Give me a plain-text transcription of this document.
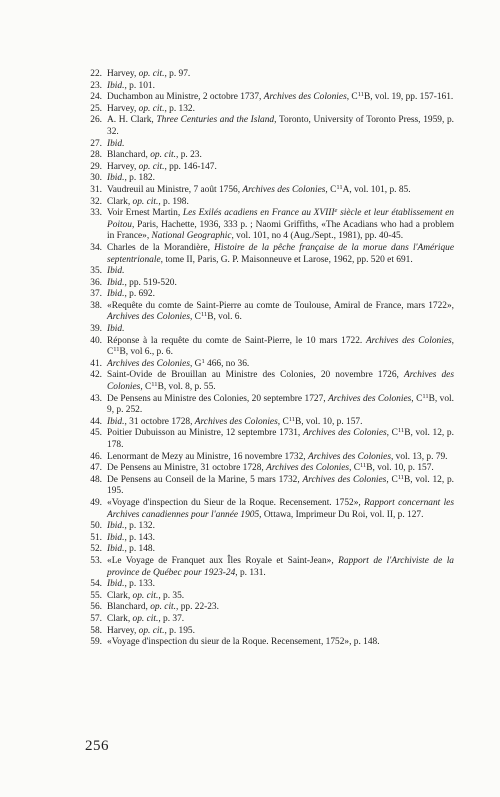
22. Harvey, op. cit., p. 97.
23. Ibid., p. 101.
24. Duchambon au Ministre, 2 octobre 1737, Archives des Colonies, $C^{11}B$, vol. 19, pp. 157-161.
25. Harvey, op. cit., p. 132.
26. A. H. Clark, Three Centuries and the Island, Toronto, University of Toronto Press, 1959, p. 32.
27. Ibid.
28. Blanchard, op. cit., p. 23.
29. Harvey, op. cit., pp. 146-147.
30. Ibid., p. 182.
31. Vaudreuil au Ministre, 7 août 1756, Archives des Colonies, $C^{11}A$, vol. 101, p. 85.
32. Clark, op. cit., p. 198.
33. Voir Ernest Martin, Les Exilés acadiens en France au XVIIIe siècle et leur établissement en Poitou, Paris, Hachette, 1936, 333 p. ; Naomi Griffiths, «The Acadians who had a problem in France», National Geographic, vol. 101, no 4 (Aug./Sept., 1981), pp. 40-45.
34. Charles de la Morandière, Histoire de la pêche française de la morue dans l'Amérique septentrionale, tome II, Paris, G. P. Maisonneuve et Larose, 1962, pp. 520 et 691.
35. Ibid.
36. Ibid., pp. 519-520.
37. Ibid., p. 692.
38. «Requête du comte de Saint-Pierre au comte de Toulouse, Amiral de France, mars 1722», Archives des Colonies, $C^{11}B$, vol. 6.
39. Ibid.
40. Réponse à la requête du comte de Saint-Pierre, le 10 mars 1722. Archives des Colonies, $C^{11}B$, vol 6., p. 6.
41. Archives des Colonies, $G^1$ 466, no 36.
42. Saint-Ovide de Brouillan au Ministre des Colonies, 20 novembre 1726, Archives des Colonies, $C^{11}B$, vol. 8, p. 55.
43. De Pensens au Ministre des Colonies, 20 septembre 1727, Archives des Colonies, $C^{11}B$, vol. 9, p. 252.
44. Ibid., 31 octobre 1728, Archives des Colonies, $C^{11}B$, vol. 10, p. 157.
45. Poitier Dubuisson au Ministre, 12 septembre 1731, Archives des Colonies, $C^{11}B$, vol. 12, p. 178.
46. Lenormant de Mezy au Ministre, 16 novembre 1732, Archives des Colonies, vol. 13, p. 79.
47. De Pensens au Ministre, 31 octobre 1728, Archives des Colonies, $C^{11}B$, vol. 10, p. 157.
48. De Pensens au Conseil de la Marine, 5 mars 1732, Archives des Colonies, $C^{11}B$, vol. 12, p. 195.
49. «Voyage d'inspection du Sieur de la Roque. Recensement. 1752», Rapport concernant les Archives canadiennes pour l'année 1905, Ottawa, Imprimeur Du Roi, vol. II, p. 127.
50. Ibid., p. 132.
51. Ibid., p. 143.
52. Ibid., p. 148.
53. «Le Voyage de Franquet aux Îles Royale et Saint-Jean», Rapport de l'Archiviste de la province de Québec pour 1923-24, p. 131.
54. Ibid., p. 133.
55. Clark, op. cit., p. 35.
56. Blanchard, op. cit., pp. 22-23.
57. Clark, op. cit., p. 37.
58. Harvey, op. cit., p. 195.
59. «Voyage d'inspection du sieur de la Roque. Recensement, 1752», p. 148.
256
